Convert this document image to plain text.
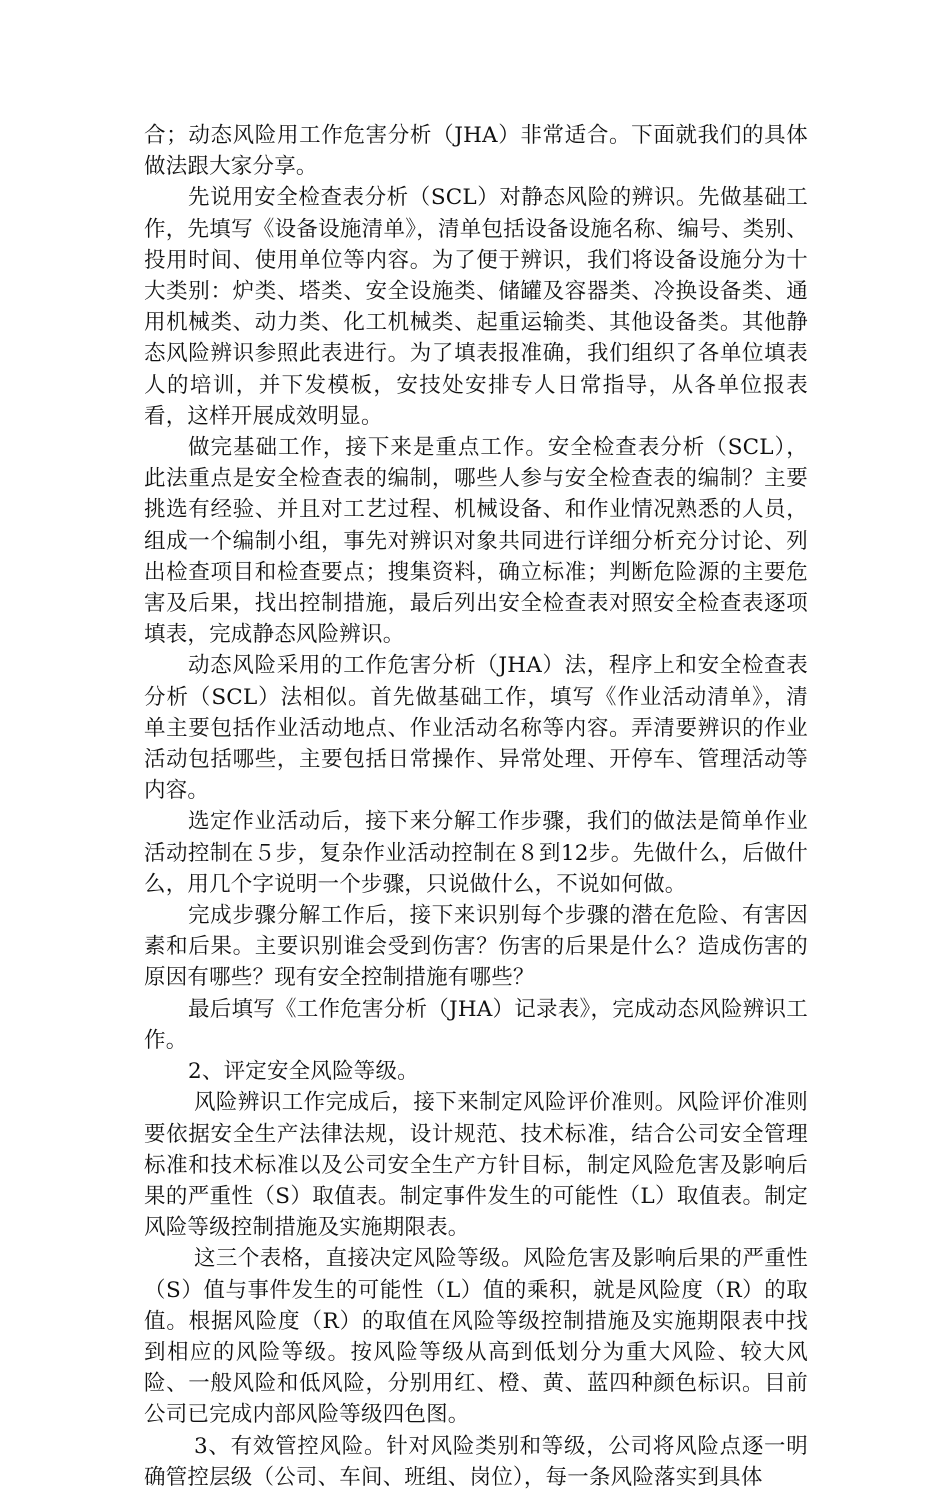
合；动态风险用工作危害分析（JHA）非常适合。下面就我们的具体做法跟大家分享。

先说用安全检查表分析（SCL）对静态风险的辨识。先做基础工作，先填写《设备设施清单》，清单包括设备设施名称、编号、类别、投用时间、使用单位等内容。为了便于辨识，我们将设备设施分为十大类别：炉类、塔类、安全设施类、储罐及容器类、冷换设备类、通用机械类、动力类、化工机械类、起重运输类、其他设备类。其他静态风险辨识参照此表进行。为了填表报准确，我们组织了各单位填表人的培训，并下发模板，安技处安排专人日常指导，从各单位报表看，这样开展成效明显。

做完基础工作，接下来是重点工作。安全检查表分析（SCL），此法重点是安全检查表的编制，哪些人参与安全检查表的编制？主要挑选有经验、并且对工艺过程、机械设备、和作业情况熟悉的人员，组成一个编制小组，事先对辨识对象共同进行详细分析充分讨论、列出检查项目和检查要点；搜集资料，确立标准；判断危险源的主要危害及后果，找出控制措施，最后列出安全检查表对照安全检查表逐项填表，完成静态风险辨识。

动态风险采用的工作危害分析（JHA）法，程序上和安全检查表分析（SCL）法相似。首先做基础工作，填写《作业活动清单》，清单主要包括作业活动地点、作业活动名称等内容。弄清要辨识的作业活动包括哪些，主要包括日常操作、异常处理、开停车、管理活动等内容。

选定作业活动后，接下来分解工作步骤，我们的做法是简单作业活动控制在５步，复杂作业活动控制在８到12步。先做什么，后做什么，用几个字说明一个步骤，只说做什么，不说如何做。

完成步骤分解工作后，接下来识别每个步骤的潜在危险、有害因素和后果。主要识别谁会受到伤害？伤害的后果是什么？造成伤害的原因有哪些？现有安全控制措施有哪些？

最后填写《工作危害分析（JHA）记录表》，完成动态风险辨识工作。

2、评定安全风险等级。

风险辨识工作完成后，接下来制定风险评价准则。风险评价准则要依据安全生产法律法规，设计规范、技术标准，结合公司安全管理标准和技术标准以及公司安全生产方针目标，制定风险危害及影响后果的严重性（S）取值表。制定事件发生的可能性（L）取值表。制定风险等级控制措施及实施期限表。

这三个表格，直接决定风险等级。风险危害及影响后果的严重性（S）值与事件发生的可能性（L）值的乘积，就是风险度（R）的取值。根据风险度（R）的取值在风险等级控制措施及实施期限表中找到相应的风险等级。按风险等级从高到低划分为重大风险、较大风险、一般风险和低风险，分别用红、橙、黄、蓝四种颜色标识。目前公司已完成内部风险等级四色图。

3、有效管控风险。针对风险类别和等级，公司将风险点逐一明确管控层级（公司、车间、班组、岗位），每一条风险落实到具体
